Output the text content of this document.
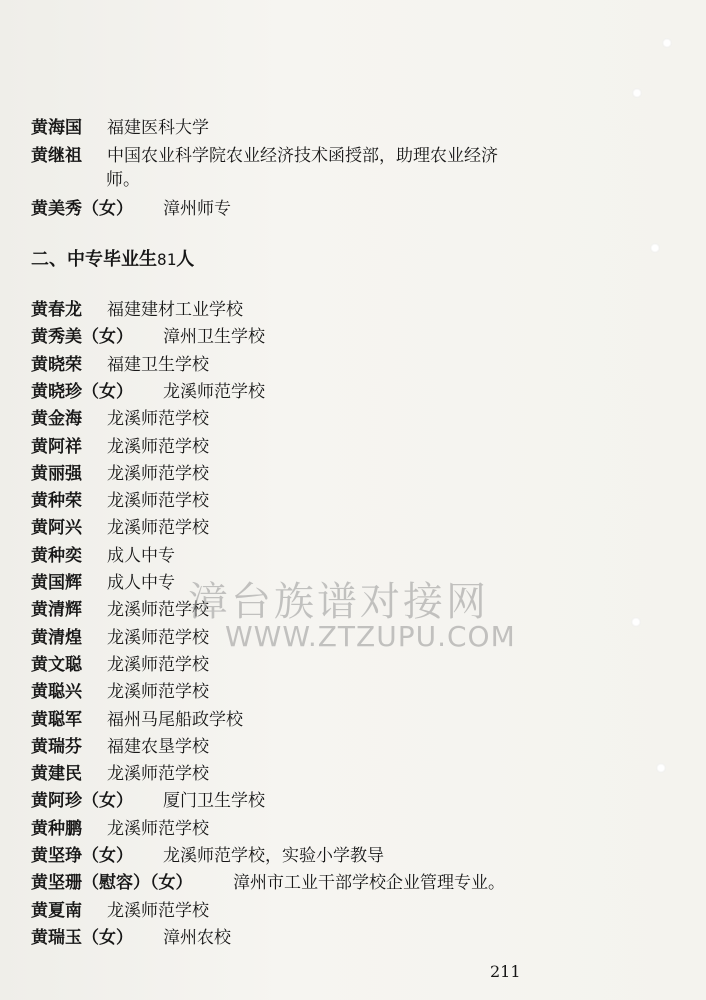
黄海国 福建医科大学
黄继祖 中国农业科学院农业经济技术函授部，助理农业经济
师。
黄美秀（女） 漳州师专
二、中专毕业生81人
黄春龙 福建建材工业学校
黄秀美（女） 漳州卫生学校
黄晓荣 福建卫生学校
黄晓珍（女） 龙溪师范学校
黄金海 龙溪师范学校
黄阿祥 龙溪师范学校
黄丽强 龙溪师范学校
黄种荣 龙溪师范学校
黄阿兴 龙溪师范学校
黄种奕 成人中专
黄国辉 成人中专
黄清辉 龙溪师范学校
黄清煌 龙溪师范学校
黄文聪 龙溪师范学校
黄聪兴 龙溪师范学校
黄聪军 福州马尾船政学校
黄瑞芬 福建农垦学校
黄建民 龙溪师范学校
黄阿珍（女） 厦门卫生学校
黄种鹏 龙溪师范学校
黄坚琤（女） 龙溪师范学校，实验小学教导
黄坚珊（慰容）（女） 漳州市工业干部学校企业管理专业。
黄夏南 龙溪师范学校
黄瑞玉（女） 漳州农校
漳台族谱对接网
WWW.ZTZUPU.COM
211
